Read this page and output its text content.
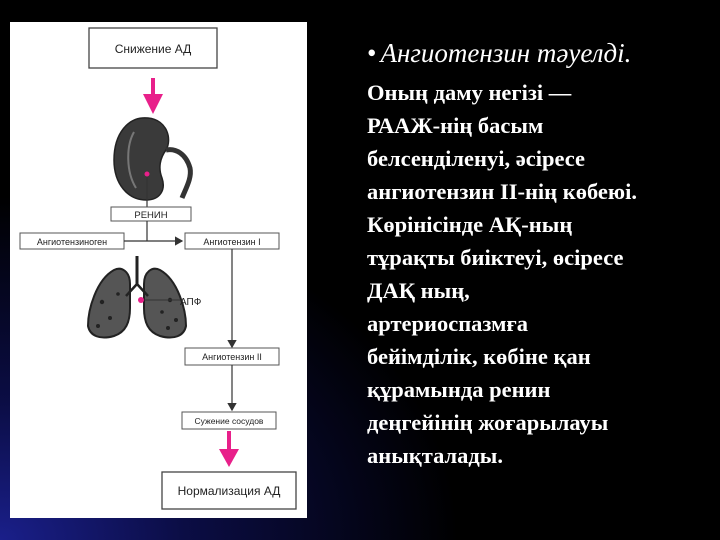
Снижение АД
РЕНИН
Ангиотензиноген	Ангиотензин I
АПФ
Ангиотензин II
Сужение сосудов
Нормализация АД
• Ангиотензин тәуелді.
Оның даму негізі —
РААЖ-нің басым
белсенділенуі, әсіресе
ангиотензин ІІ-нің көбеюі.
Көрінісінде АҚ-ның
тұрақты биіктеуі, өсіресе
ДАҚ ның,
артериоспазмға
бейімділік, көбіне қан
құрамында ренин
деңгейінің жоғарылауы
анықталады.
